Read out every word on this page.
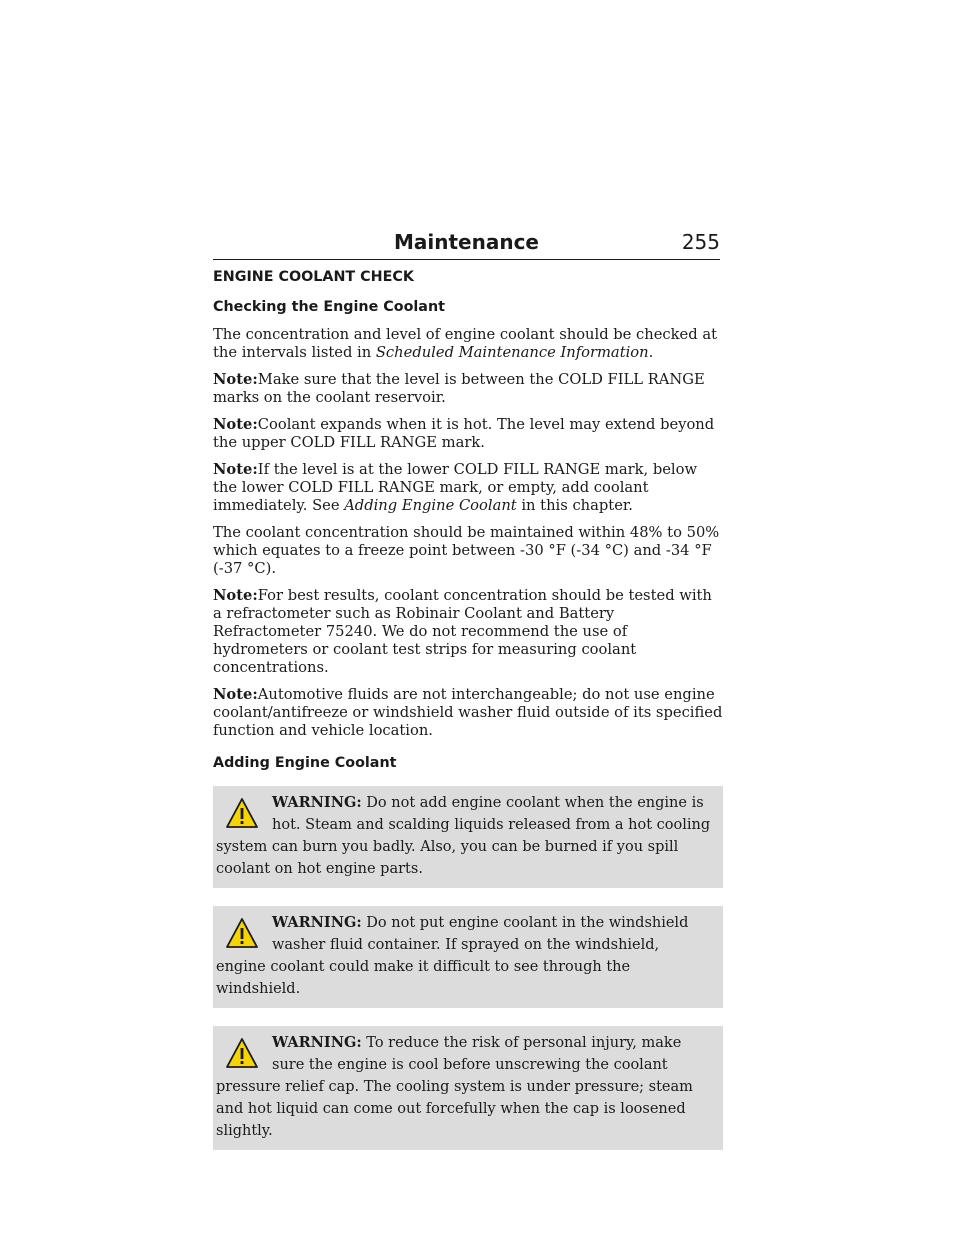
Maintenance	255
ENGINE COOLANT CHECK
Checking the Engine Coolant

The concentration and level of engine coolant should be checked at the intervals listed in Scheduled Maintenance Information.

Note:Make sure that the level is between the COLD FILL RANGE marks on the coolant reservoir.

Note:Coolant expands when it is hot. The level may extend beyond the upper COLD FILL RANGE mark.

Note:If the level is at the lower COLD FILL RANGE mark, below the lower COLD FILL RANGE mark, or empty, add coolant immediately. See Adding Engine Coolant in this chapter.

The coolant concentration should be maintained within 48% to 50% which equates to a freeze point between -30 °F (-34 °C) and -34 °F (-37 °C).

Note:For best results, coolant concentration should be tested with a refractometer such as Robinair Coolant and Battery Refractometer 75240. We do not recommend the use of hydrometers or coolant test strips for measuring coolant concentrations.

Note:Automotive fluids are not interchangeable; do not use engine coolant/antifreeze or windshield washer fluid outside of its specified function and vehicle location.

Adding Engine Coolant
WARNING: Do not add engine coolant when the engine is hot. Steam and scalding liquids released from a hot cooling system can burn you badly. Also, you can be burned if you spill coolant on hot engine parts.
WARNING: Do not put engine coolant in the windshield washer fluid container. If sprayed on the windshield, engine coolant could make it difficult to see through the windshield.
WARNING: To reduce the risk of personal injury, make sure the engine is cool before unscrewing the coolant pressure relief cap. The cooling system is under pressure; steam and hot liquid can come out forcefully when the cap is loosened slightly.
